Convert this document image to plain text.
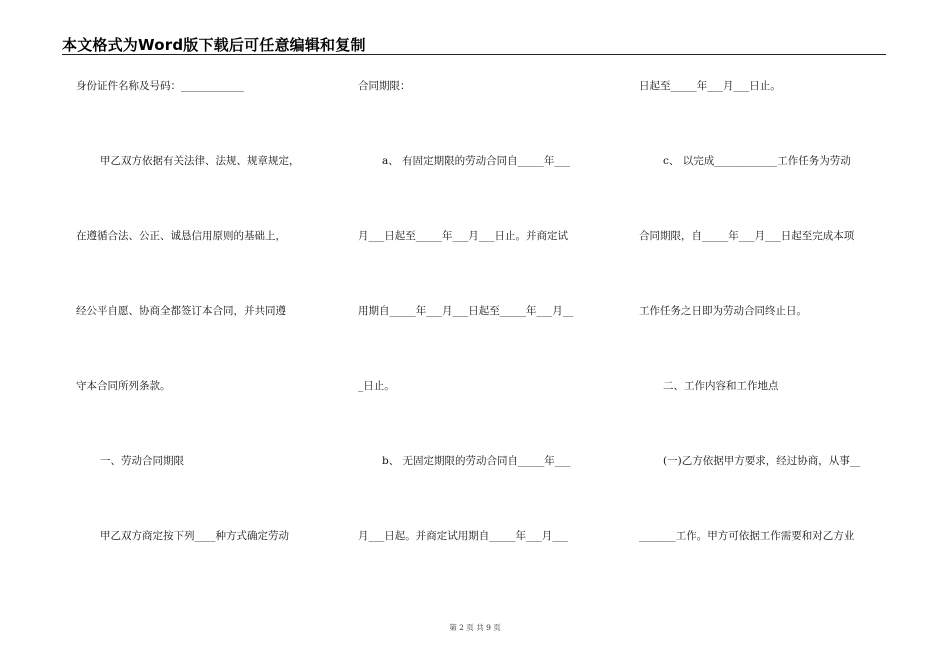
本文格式为Word版下载后可任意编辑和复制
身份证件名称及号码：____________
甲乙双方依据有关法律、法规、规章规定，
在遵循合法、公正、诚恳信用原则的基础上，
经公平自愿、协商全都签订本合同，并共同遵
守本合同所列条款。
一、劳动合同期限
甲乙双方商定按下列____种方式确定劳动
合同期限：
a、 有固定期限的劳动合同自_____年___
月___日起至_____年___月___日止。并商定试
用期自_____年___月___日起至_____年___月__
_日止。
b、 无固定期限的劳动合同自_____年___
月___日起。并商定试用期自_____年___月___
日起至_____年___月___日止。
c、 以完成____________工作任务为劳动
合同期限，自_____年___月___日起至完成本项
工作任务之日即为劳动合同终止日。
二、工作内容和工作地点
(一)乙方依据甲方要求，经过协商，从事__
_______工作。甲方可依据工作需要和对乙方业
第 2 页 共 9 页
